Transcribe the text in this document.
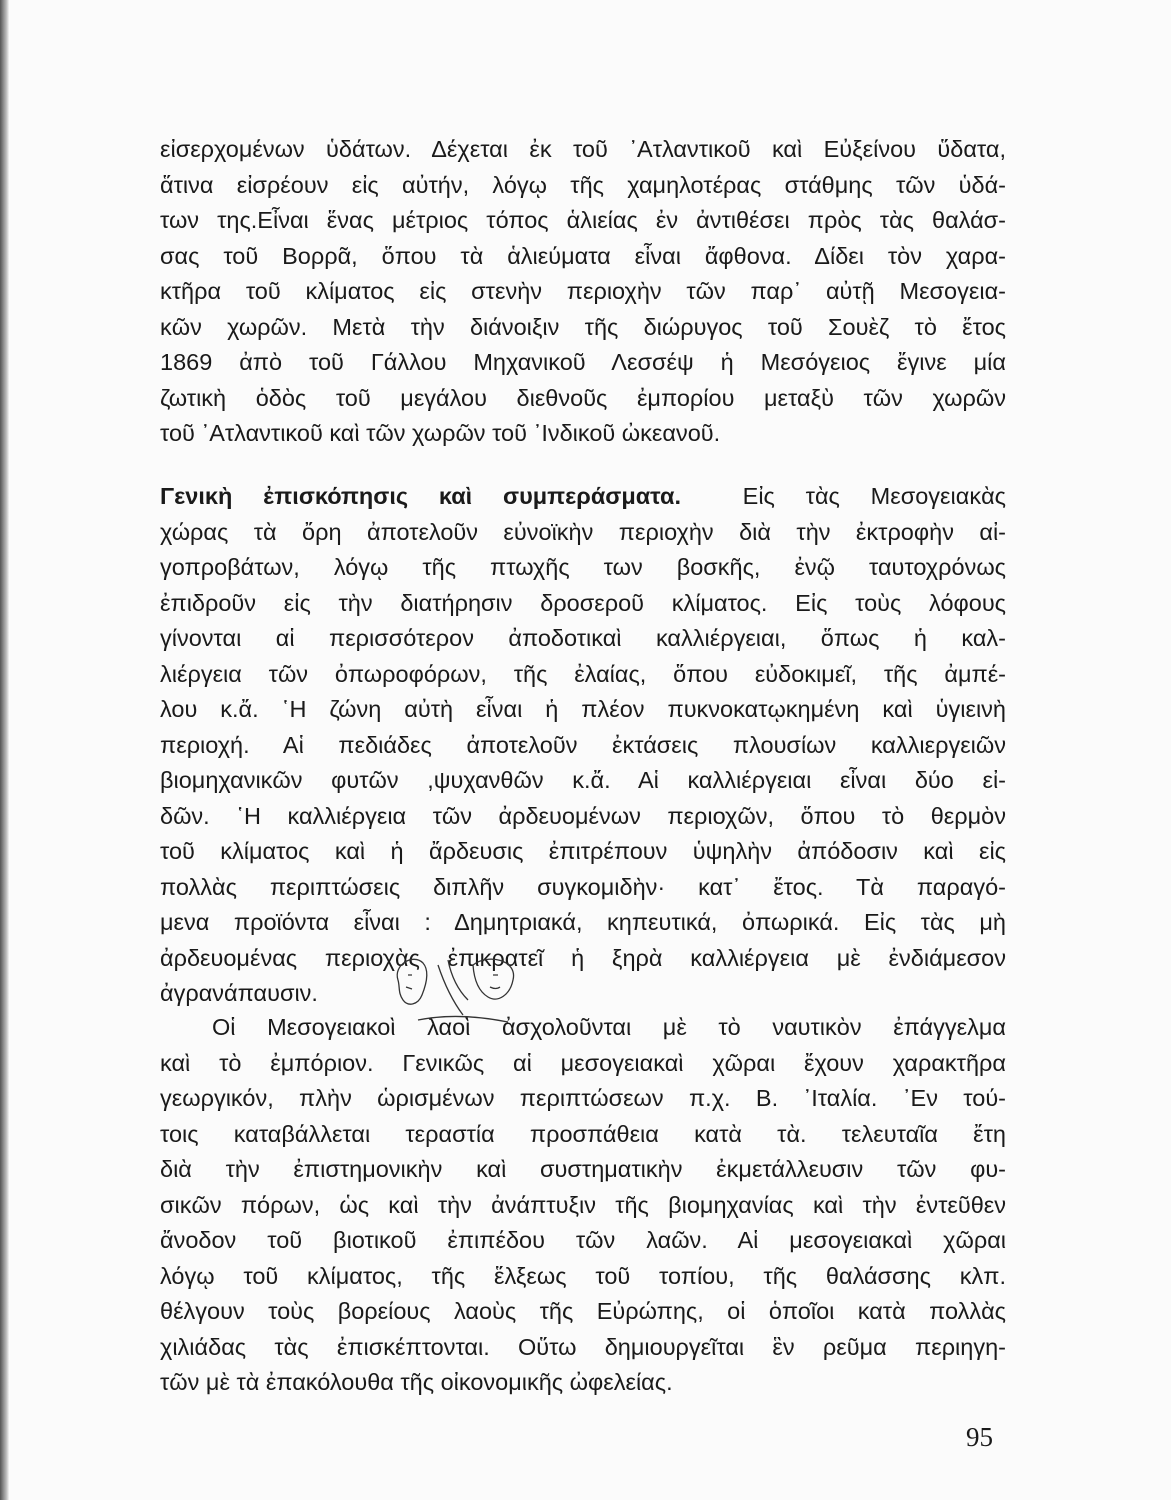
εἰσερχομένων ὑδάτων. Δέχεται ἐκ τοῦ ᾿Ατλαντικοῦ καὶ Εὐξείνου ὕδατα,
ἅτινα εἰσρέουν εἰς αὐτήν, λόγῳ τῆς χαμηλοτέρας στάθμης τῶν ὑδά-
των της.Εἶναι ἕνας μέτριος τόπος ἁλιείας ἐν ἀντιθέσει πρὸς τὰς θαλάσ-
σας τοῦ Βορρᾶ, ὅπου τὰ ἁλιεύματα εἶναι ἄφθονα. Δίδει τὸν χαρα-
κτῆρα τοῦ κλίματος εἰς στενὴν περιοχὴν τῶν παρ᾿ αὐτῇ Μεσογεια-
κῶν χωρῶν. Μετὰ τὴν διάνοιξιν τῆς διώρυγος τοῦ Σουὲζ τὸ ἔτος
1869 ἀπὸ τοῦ Γάλλου Μηχανικοῦ Λεσσέψ ἡ Μεσόγειος ἔγινε μία
ζωτικὴ ὁδὸς τοῦ μεγάλου διεθνοῦς ἐμπορίου μεταξὺ τῶν χωρῶν
τοῦ ᾿Ατλαντικοῦ καὶ τῶν χωρῶν τοῦ ᾿Ινδικοῦ ὠκεανοῦ.
Γενικὴ ἐπισκόπησις καὶ συμπεράσματα.	Εἰς τὰς Μεσογειακὰς
χώρας τὰ ὄρη ἀποτελοῦν εὐνοϊκὴν περιοχὴν διὰ τὴν ἐκτροφὴν αἰ-
γοπροβάτων, λόγῳ τῆς πτωχῆς των βοσκῆς, ἐνῷ ταυτοχρόνως
ἐπιδροῦν εἰς τὴν διατήρησιν δροσεροῦ κλίματος. Εἰς τοὺς λόφους
γίνονται αἱ περισσότερον ἀποδοτικαὶ καλλιέργειαι, ὅπως ἡ καλ-
λιέργεια τῶν ὀπωροφόρων, τῆς ἐλαίας, ὅπου εὐδοκιμεῖ, τῆς ἀμπέ-
λου κ.ἄ. ῾Η ζώνη αὐτὴ εἶναι ἡ πλέον πυκνοκατῳκημένη καὶ ὑγιεινὴ
περιοχή. Αἱ πεδιάδες ἀποτελοῦν ἐκτάσεις πλουσίων καλλιεργειῶν
βιομηχανικῶν φυτῶν ,ψυχανθῶν κ.ἄ. Αἱ καλλιέργειαι εἶναι δύο εἰ-
δῶν. ῾Η καλλιέργεια τῶν ἀρδευομένων περιοχῶν, ὅπου τὸ θερμὸν
τοῦ κλίματος καὶ ἡ ἄρδευσις ἐπιτρέπουν ὑψηλὴν ἀπόδοσιν καὶ εἰς
πολλὰς περιπτώσεις διπλῆν συγκομιδὴν· κατ᾿ ἔτος. Τὰ παραγό-
μενα προϊόντα εἶναι : Δημητριακά, κηπευτικά, ὀπωρικά. Εἰς τὰς μὴ
ἀρδευομένας περιοχὰς ἐπικρατεῖ ἡ ξηρὰ καλλιέργεια μὲ ἐνδιάμεσον
ἀγρανάπαυσιν.
Οἱ Μεσογειακοὶ λαοὶ ἀσχολοῦνται μὲ τὸ ναυτικὸν ἐπάγγελμα
καὶ τὸ ἐμπόριον. Γενικῶς αἱ μεσογειακαὶ χῶραι ἔχουν χαρακτῆρα
γεωργικόν, πλὴν ὡρισμένων περιπτώσεων π.χ. Β. ᾿Ιταλία. ᾿Εν τού-
τοις καταβάλλεται τεραστία προσπάθεια κατὰ τὰ. τελευταῖα ἔτη
διὰ τὴν ἐπιστημονικὴν καὶ συστηματικὴν ἐκμετάλλευσιν τῶν φυ-
σικῶν πόρων, ὡς καὶ τὴν ἀνάπτυξιν τῆς βιομηχανίας καὶ τὴν ἐντεῦθεν
ἄνοδον τοῦ βιοτικοῦ ἐπιπέδου τῶν λαῶν. Αἱ μεσογειακαὶ χῶραι
λόγῳ τοῦ κλίματος, τῆς ἕλξεως τοῦ τοπίου, τῆς θαλάσσης κλπ.
θέλγουν τοὺς βορείους λαοὺς τῆς Εὐρώπης, οἱ ὁποῖοι κατὰ πολλὰς
χιλιάδας τὰς ἐπισκέπτονται. Οὕτω δημιουργεῖται ἓν ρεῦμα περιηγη-
τῶν μὲ τὰ ἐπακόλουθα τῆς οἰκονομικῆς ὠφελείας.
95
